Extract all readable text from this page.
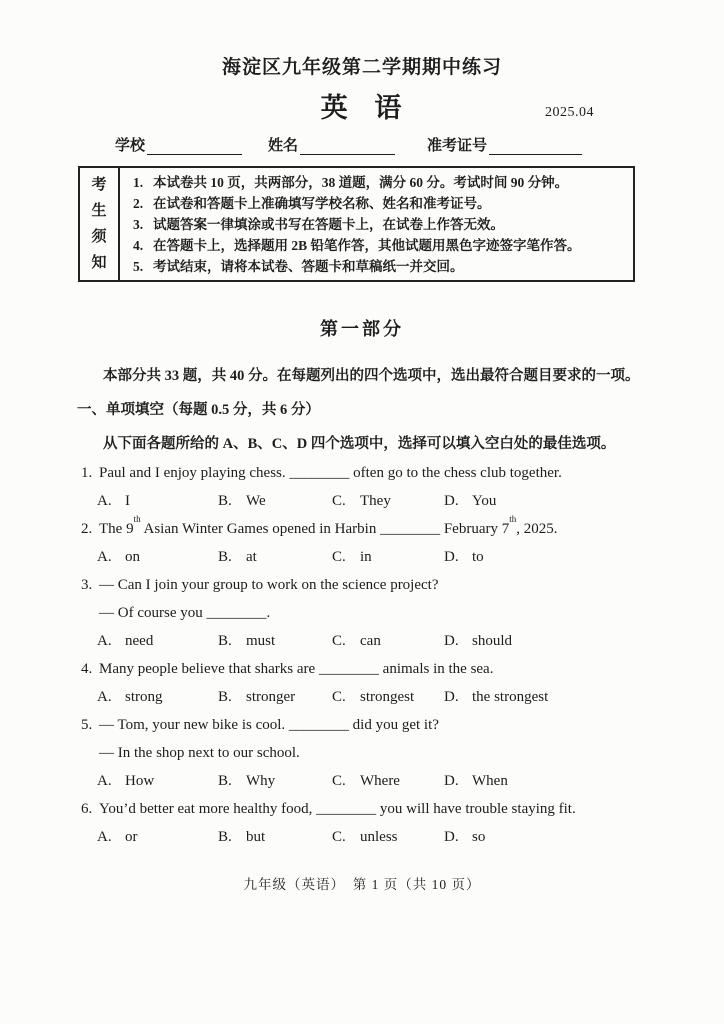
海淀区九年级第二学期期中练习
英 语	2025.04
学校	姓名	准考证号
考生须知
1. 本试卷共 10 页，共两部分，38 道题，满分 60 分。考试时间 90 分钟。
2. 在试卷和答题卡上准确填写学校名称、姓名和准考证号。
3. 试题答案一律填涂或书写在答题卡上，在试卷上作答无效。
4. 在答题卡上，选择题用 2B 铅笔作答，其他试题用黑色字迹签字笔作答。
5. 考试结束，请将本试卷、答题卡和草稿纸一并交回。
第一部分
本部分共 33 题，共 40 分。在每题列出的四个选项中，选出最符合题目要求的一项。
一、单项填空（每题 0.5 分，共 6 分）
从下面各题所给的 A、B、C、D 四个选项中，选择可以填入空白处的最佳选项。
1. Paul and I enjoy playing chess. ________ often go to the chess club together.
A. I	B. We	C. They	D. You
2. The 9th Asian Winter Games opened in Harbin ________ February 7th, 2025.
A. on	B. at	C. in	D. to
3. — Can I join your group to work on the science project?
— Of course you ________.
A. need	B. must	C. can	D. should
4. Many people believe that sharks are ________ animals in the sea.
A. strong	B. stronger	C. strongest	D. the strongest
5. — Tom, your new bike is cool. ________ did you get it?
— In the shop next to our school.
A. How	B. Why	C. Where	D. When
6. You’d better eat more healthy food, ________ you will have trouble staying fit.
A. or	B. but	C. unless	D. so
九年级（英语）　第 1 页（共 10 页）
